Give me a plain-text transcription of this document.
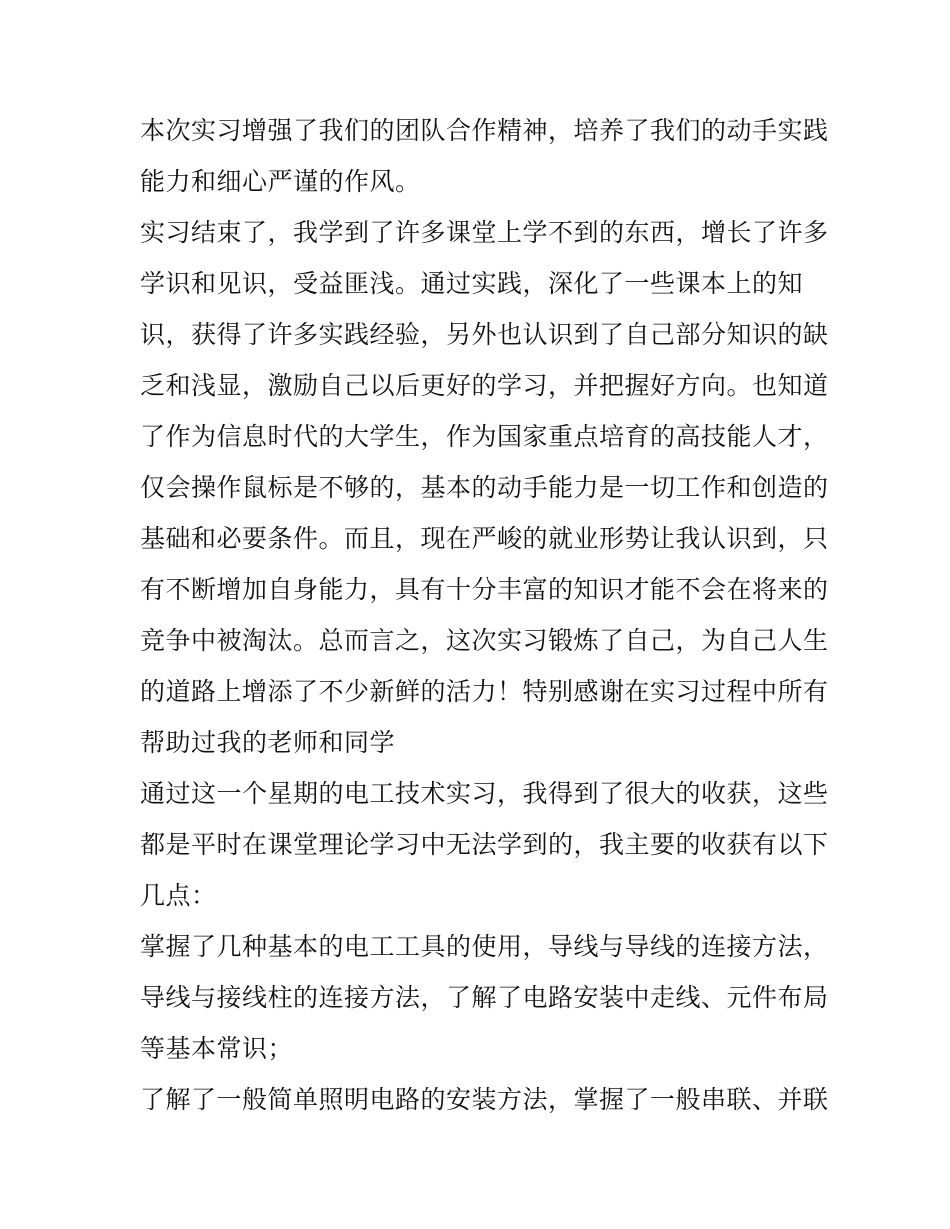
本次实习增强了我们的团队合作精神，培养了我们的动手实践
能力和细心严谨的作风。
实习结束了，我学到了许多课堂上学不到的东西，增长了许多
学识和见识，受益匪浅。通过实践，深化了一些课本上的知
识，获得了许多实践经验，另外也认识到了自己部分知识的缺
乏和浅显，激励自己以后更好的学习，并把握好方向。也知道
了作为信息时代的大学生，作为国家重点培育的高技能人才，
仅会操作鼠标是不够的，基本的动手能力是一切工作和创造的
基础和必要条件。而且，现在严峻的就业形势让我认识到，只
有不断增加自身能力，具有十分丰富的知识才能不会在将来的
竞争中被淘汰。总而言之，这次实习锻炼了自己，为自己人生
的道路上增添了不少新鲜的活力！特别感谢在实习过程中所有
帮助过我的老师和同学
通过这一个星期的电工技术实习，我得到了很大的收获，这些
都是平时在课堂理论学习中无法学到的，我主要的收获有以下
几点：
掌握了几种基本的电工工具的使用，导线与导线的连接方法，
导线与接线柱的连接方法，了解了电路安装中走线、元件布局
等基本常识；
了解了一般简单照明电路的安装方法，掌握了一般串联、并联
